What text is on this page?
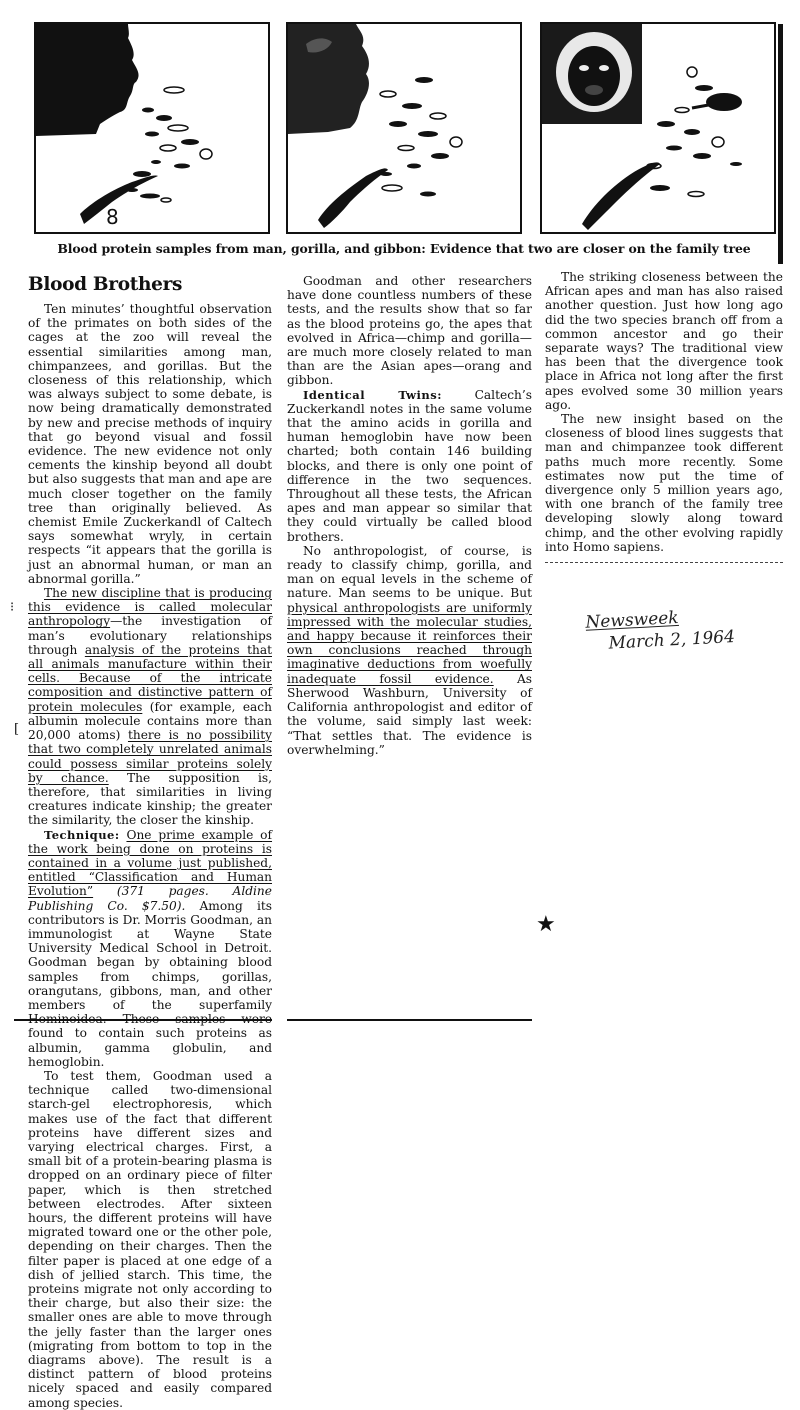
8
Blood protein samples from man, gorilla, and gibbon: Evidence that two are closer on the family tree
Blood Brothers

Ten minutes’ thoughtful observation of the primates on both sides of the cages at the zoo will reveal the essential similarities among man, chimpanzees, and gorillas. But the closeness of this relationship, which was always subject to some debate, is now being dramatically demonstrated by new and precise methods of inquiry that go beyond visual and fossil evidence. The new evidence not only cements the kinship beyond all doubt but also suggests that man and ape are much closer together on the family tree than originally believed. As chemist Emile Zuckerkandl of Caltech says somewhat wryly, in certain respects “it appears that the gorilla is just an abnormal human, or man an abnormal gorilla.”

The new discipline that is producing this evidence is called molecular anthropology—the investigation of man’s evolutionary relationships through analysis of the proteins that all animals manufacture within their cells. Because of the intricate composition and distinctive pattern of protein molecules (for example, each albumin molecule contains more than 20,000 atoms) there is no possibility that two completely unrelated animals could possess similar proteins solely by chance. The supposition is, therefore, that similarities in living creatures indicate kinship; the greater the similarity, the closer the kinship.

Technique: One prime example of the work being done on proteins is contained in a volume just published, entitled “Classification and Human Evolution” (371 pages. Aldine Publishing Co. $7.50). Among its contributors is Dr. Morris Goodman, an immunologist at Wayne State University Medical School in Detroit. Goodman began by obtaining blood samples from chimps, gorillas, orangutans, gibbons, man, and other members of the superfamily found to contain such proteins as albumin, gamma globulin, and hemoglobin.

To test them, Goodman used a technique called two-dimensional starch-gel electrophoresis, which makes use of the fact that different proteins have different sizes and varying electrical charges. First, a small bit of a protein-bearing plasma is dropped on an ordinary piece of filter paper, which is then stretched between electrodes. After sixteen hours, the different proteins will have migrated toward one or the other pole, depending on their charges. Then the filter paper is placed at one edge of a dish of jellied starch. This time, the proteins migrate not only according to their charge, but also their size: the smaller ones are able to move through the jelly faster than the larger ones (migrating from bottom to top in the diagrams above). The result is a distinct pattern of blood proteins nicely spaced and easily compared among species.

Goodman and other researchers have done countless numbers of these tests, and the results show that so far as the blood proteins go, the apes that evolved in Africa—chimp and gorilla—are much more closely related to man than are the Asian apes—orang and gibbon.

Identical Twins: Caltech’s Zuckerkandl notes in the same volume that the amino acids in gorilla and human hemoglobin have now been charted; both contain 146 building blocks, and there is only one point of difference in the two sequences. Throughout all these tests, the African apes and man appear so similar that they could virtually be called blood brothers.

No anthropologist, of course, is ready to classify chimp, gorilla, and man on equal levels in the scheme of nature. Man seems to be unique. But physical anthropologists are uniformly impressed with the molecular studies, and happy because it reinforces their own conclusions reached through imaginative deductions from woefully inadequate fossil evidence. As Sherwood Washburn, University of California anthropologist and editor of the volume, said simply last week: “That settles that. The evidence is overwhelming.”

The striking closeness between the African apes and man has also raised another question. Just how long ago did the two species branch off from a common ancestor and go their separate ways? The traditional view has been that the divergence took place in Africa not long after the first apes evolved some 30 million years ago.

The new insight based on the closeness of blood lines suggests that man and chimpanzee took different paths much more recently. Some estimates now put the time of divergence only 5 million years ago, with one branch of the family tree developing slowly along toward chimp, and the other evolving rapidly into Homo sapiens.

Newsweek
March 2, 1964
★
⁝
[
